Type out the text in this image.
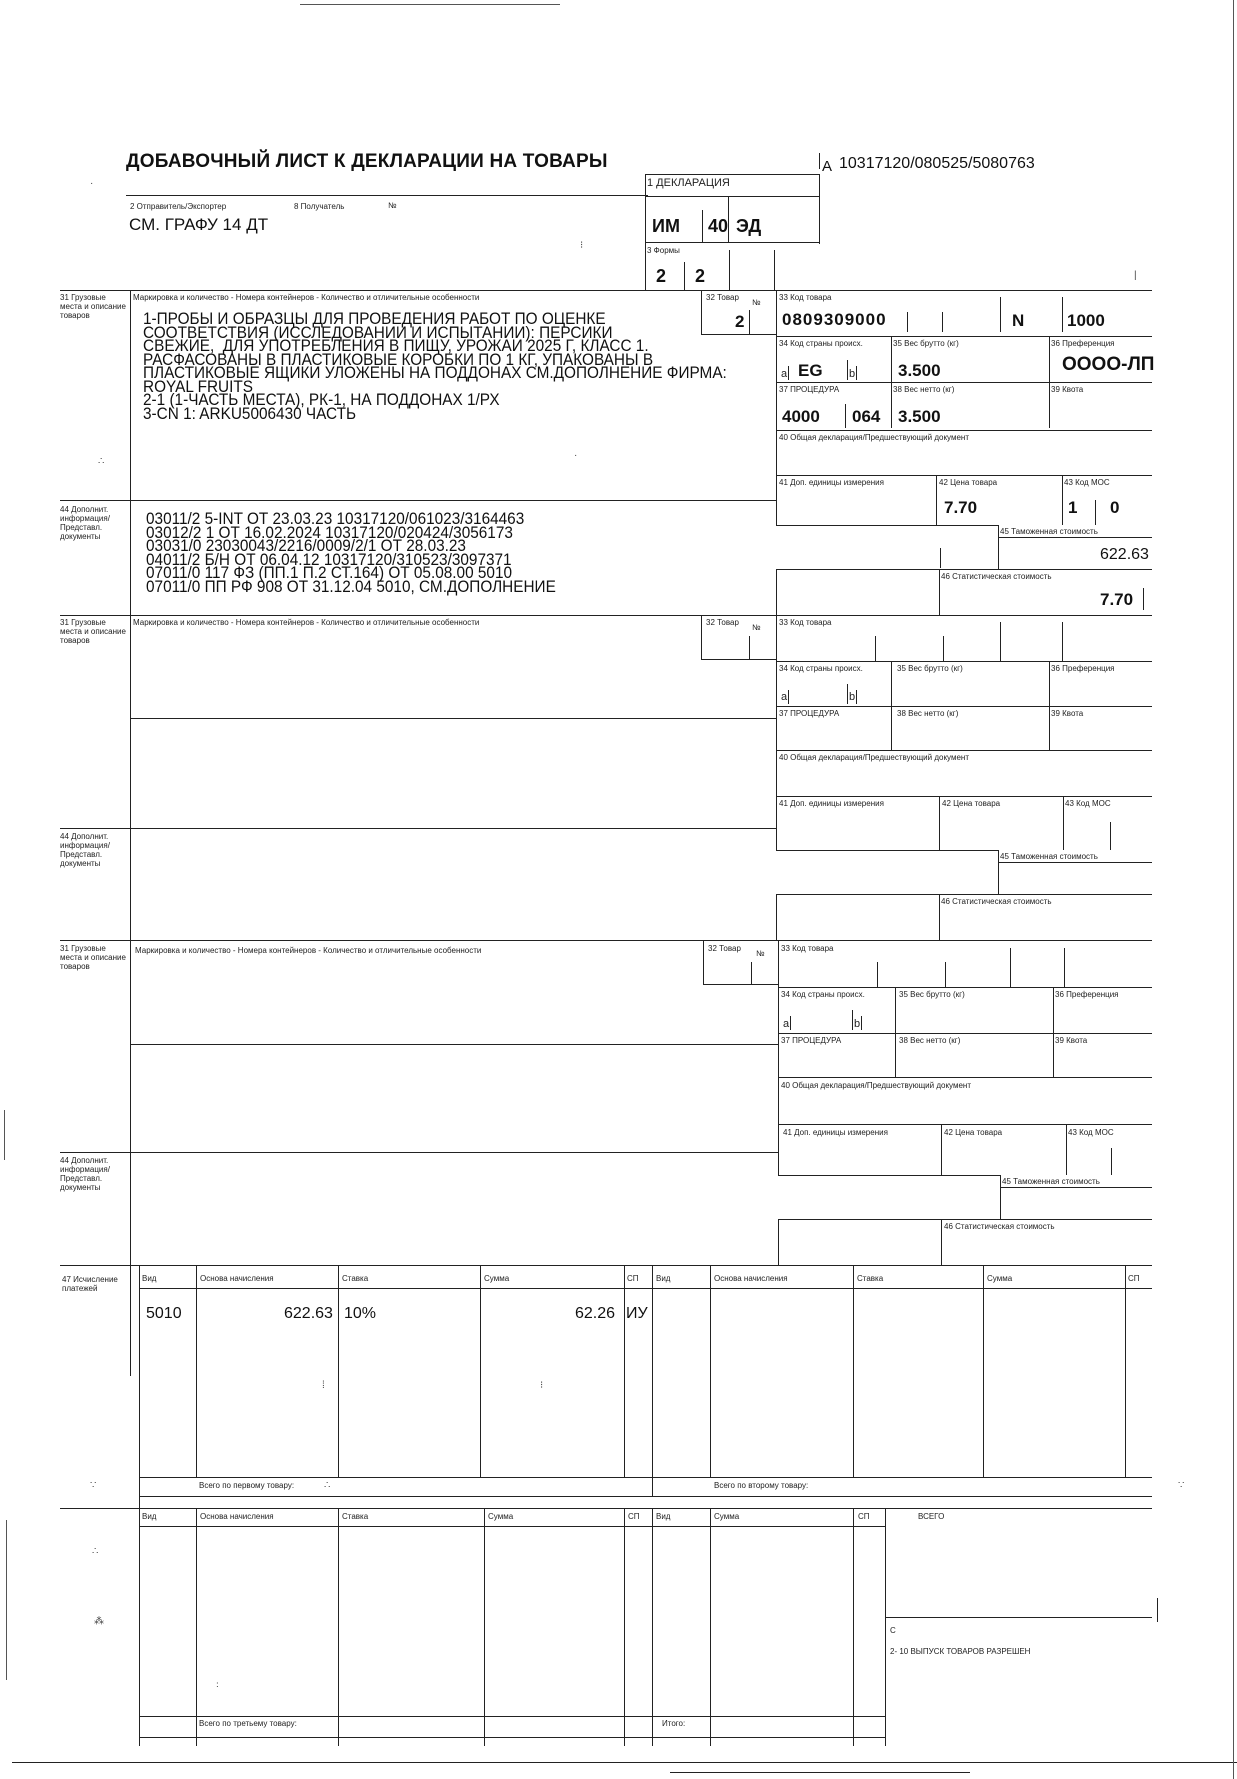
ДОБАВОЧНЫЙ ЛИСТ К ДЕКЛАРАЦИИ НА ТОВАРЫ	A 10317120/080525/5080763
2 Отправитель/Экспортер	8 Получатель	№
СМ. ГРАФУ 14 ДТ
1 ДЕКЛАРАЦИЯ
ИМ 40 ЭД
3 Формы
2 2
31 Грузовые места и описание товаров
Маркировка и количество - Номера контейнеров - Количество и отличительные особенности	32 Товар
№
2
1-ПРОБЫ И ОБРАЗЦЫ ДЛЯ ПРОВЕДЕНИЯ РАБОТ ПО ОЦЕНКЕ
СООТВЕТСТВИЯ (ИССЛЕДОВАНИИ И ИСПЫТАНИИ): ПЕРСИКИ
СВЕЖИЕ,  ДЛЯ УПОТРЕБЛЕНИЯ В ПИЩУ, УРОЖАИ 2025 Г, КЛАСС 1.
РАСФАСОВАНЫ В ПЛАСТИКОВЫЕ КОРОБКИ ПО 1 КГ, УПАКОВАНЫ В
ПЛАСТИКОВЫЕ ЯЩИКИ УЛОЖЕНЫ НА ПОДДОНАХ СМ.ДОПОЛНЕНИЕ ФИРМА:
ROYAL FRUITS
2-1 (1-ЧАСТЬ МЕСТА), РК-1, НА ПОДДОНАХ 1/РХ
3-CN 1: ARKU5006430 ЧАСТЬ
33 Код товара
0809309000	N	1000
34 Код страны происх.
a EG b
35 Вес брутто (кг)
3.500
36 Преференция
ОООО-ЛП
37 ПРОЦЕДУРА
4000 064
38 Вес нетто (кг)
3.500
39 Квота
40 Общая декларация/Предшествующий документ
41 Доп. единицы измерения	42 Цена товара
7.70
43 Код МОС
1 0
44 Дополнит. информация/ Представл. документы
03011/2 5-INT ОТ 23.03.23 10317120/061023/3164463
03012/2 1 ОТ 16.02.2024 10317120/020424/3056173
03031/0 23030043/2216/0009/2/1 ОТ 28.03.23
04011/2 Б/Н ОТ 06.04.12 10317120/310523/3097371
07011/0 117 ФЗ (ПП.1 П.2 СТ.164) ОТ 05.08.00 5010
07011/0 ПП РФ 908 ОТ 31.12.04 5010, СМ.ДОПОЛНЕНИЕ
45 Таможенная стоимость
622.63
46 Статистическая стоимость
7.70
31 Грузовые места и описание товаров
Маркировка и количество - Номера контейнеров - Количество и отличительные особенности	32 Товар
№
33 Код товара
34 Код страны происх.
a	b
35 Вес брутто (кг)	36 Преференция
37 ПРОЦЕДУРА	38 Вес нетто (кг)	39 Квота
40 Общая декларация/Предшествующий документ
41 Доп. единицы измерения	42 Цена товара	43 Код МОС
44 Дополнит. информация/ Представл. документы
45 Таможенная стоимость
46 Статистическая стоимость
31 Грузовые места и описание товаров
Маркировка и количество - Номера контейнеров - Количество и отличительные особенности	32 Товар
№
33 Код товара
34 Код страны происх.
a	b
35 Вес брутто (кг)	36 Преференция
37 ПРОЦЕДУРА	38 Вес нетто (кг)	39 Квота
40 Общая декларация/Предшествующий документ
41 Доп. единицы измерения	42 Цена товара	43 Код МОС
44 Дополнит. информация/ Представл. документы
45 Таможенная стоимость
46 Статистическая стоимость
47 Исчисление платежей
Вид	Основа начисления	Ставка	Сумма	СП Вид	Основа начисления	Ставка	Сумма	СП
5010	622.63 10%	62.26 ИУ
Всего по первому товару:	Всего по второму товару:
Вид	Основа начисления	Ставка	Сумма	СП Вид	Сумма	СП	ВСЕГО
С
2- 10 ВЫПУСК ТОВАРОВ РАЗРЕШЕН
Всего по третьему товару:	Итого:
·
∴
⁝
·
⁞	⁝
∵	∴
∴
⁂
∵
|
꞉
